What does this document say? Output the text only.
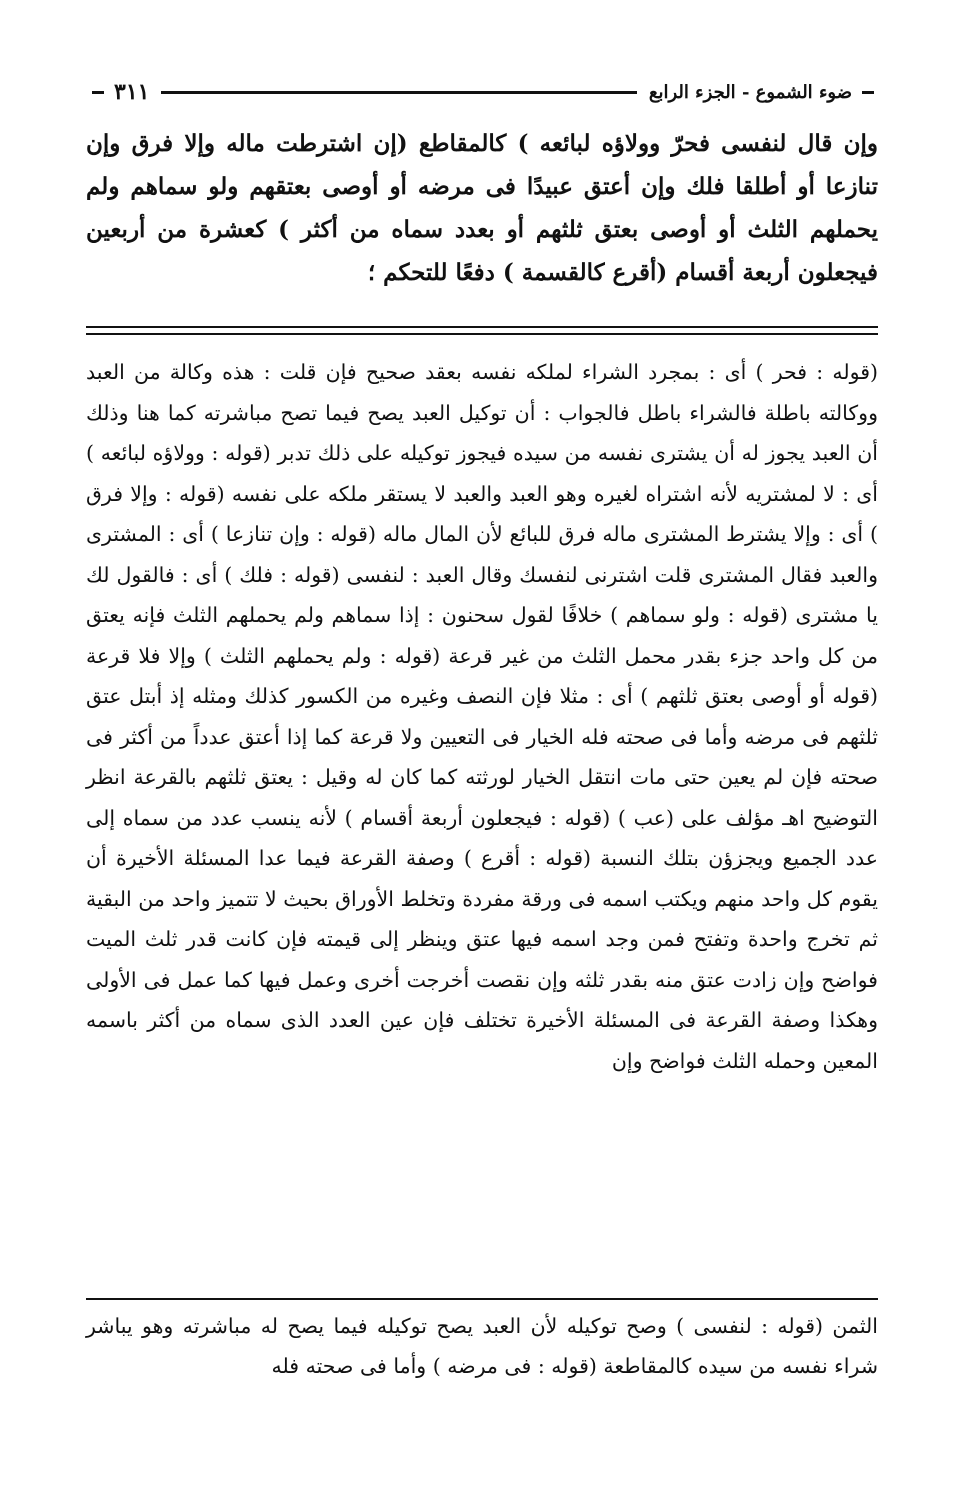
ضوء الشموع - الجزء الرابع
٣١١

وإن قال لنفسى فحرّ وولاؤه لبائعه ) كالمقاطع (إن اشترطت ماله وإلا فرق وإن تنازعا أو أطلقا فلك وإن أعتق عبيدًا فى مرضه أو أوصى بعتقهم ولو سماهم ولم يحملهم الثلث أو أوصى بعتق ثلثهم أو بعدد سماه من أكثر ) كعشرة من أربعين فيجعلون أربعة أقسام (أقرع كالقسمة ) دفعًا للتحكم ؛

(قوله : فحر ) أى : بمجرد الشراء لملكه نفسه بعقد صحيح فإن قلت : هذه وكالة من العبد ووكالته باطلة فالشراء باطل فالجواب : أن توكيل العبد يصح فيما تصح مباشرته كما هنا وذلك أن العبد يجوز له أن يشترى نفسه من سيده فيجوز توكيله على ذلك تدبر (قوله : وولاؤه لبائعه ) أى : لا لمشتريه لأنه اشتراه لغيره وهو العبد والعبد لا يستقر ملكه على نفسه (قوله : وإلا فرق ) أى : وإلا يشترط المشترى ماله فرق للبائع لأن المال ماله (قوله : وإن تنازعا ) أى : المشترى والعبد فقال المشترى قلت اشترنى لنفسك وقال العبد : لنفسى (قوله : فلك ) أى : فالقول لك يا مشترى (قوله : ولو سماهم ) خلافًا لقول سحنون : إذا سماهم ولم يحملهم الثلث فإنه يعتق من كل واحد جزء بقدر محمل الثلث من غير قرعة (قوله : ولم يحملهم الثلث ) وإلا فلا قرعة (قوله أو أوصى بعتق ثلثهم ) أى : مثلا فإن النصف وغيره من الكسور كذلك ومثله إذ أبتل عتق ثلثهم فى مرضه وأما فى صحته فله الخيار فى التعيين ولا قرعة كما إذا أعتق عدداً من أكثر فى صحته فإن لم يعين حتى مات انتقل الخيار لورثته كما كان له وقيل : يعتق ثلثهم بالقرعة انظر التوضيح اهـ مؤلف على (عب ) (قوله : فيجعلون أربعة أقسام ) لأنه ينسب عدد من سماه إلى عدد الجميع ويجزؤن بتلك النسبة (قوله : أقرع ) وصفة القرعة فيما عدا المسئلة الأخيرة أن يقوم كل واحد منهم ويكتب اسمه فى ورقة مفردة وتخلط الأوراق بحيث لا تتميز واحد من البقية ثم تخرج واحدة وتفتح فمن وجد اسمه فيها عتق وينظر إلى قيمته فإن كانت قدر ثلث الميت فواضح وإن زادت عتق منه بقدر ثلثه وإن نقصت أخرجت أخرى وعمل فيها كما عمل فى الأولى وهكذا وصفة القرعة فى المسئلة الأخيرة تختلف فإن عين العدد الذى سماه من أكثر باسمه المعين وحمله الثلث فواضح وإن

الثمن (قوله : لنفسى ) وصح توكيله لأن العبد يصح توكيله فيما يصح له مباشرته وهو يباشر شراء نفسه من سيده كالمقاطعة (قوله : فى مرضه ) وأما فى صحته فله
